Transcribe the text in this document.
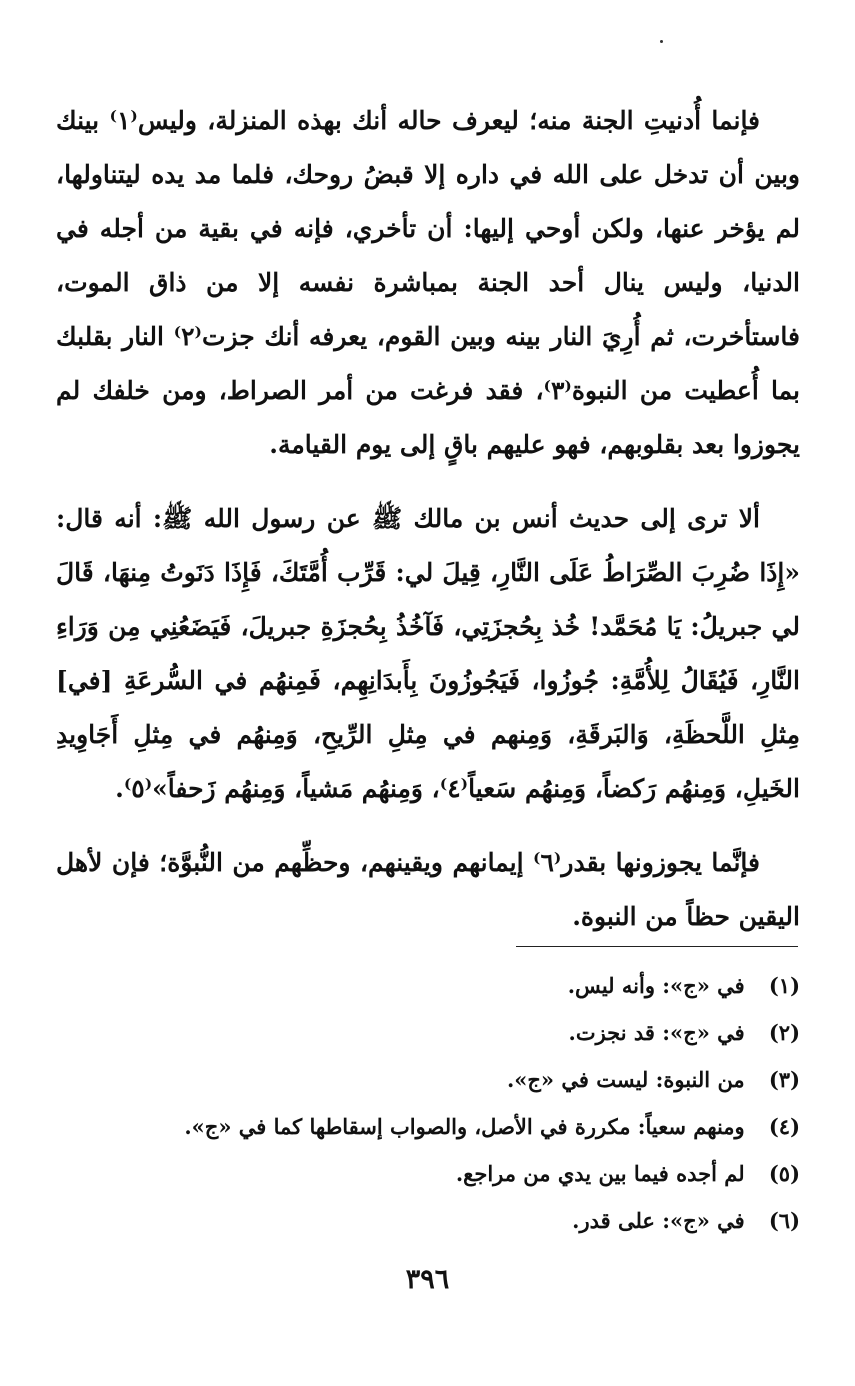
فإنما أُدنيتِ الجنة منه؛ ليعرف حاله أنك بهذه المنزلة، وليس⁽١⁾ بينك وبين أن تدخل على الله في داره إلا قبضُ روحك، فلما مد يده ليتناولها، لم يؤخر عنها، ولكن أوحي إليها: أن تأخري، فإنه في بقية من أجله في الدنيا، وليس ينال أحد الجنة بمباشرة نفسه إلا من ذاق الموت، فاستأخرت، ثم أُرِيَ النار بينه وبين القوم، يعرفه أنك جزت⁽٢⁾ النار بقلبك بما أُعطيت من النبوة⁽٣⁾، فقد فرغت من أمر الصراط، ومن خلفك لم يجوزوا بعد بقلوبهم، فهو عليهم باقٍ إلى يوم القيامة.

ألا ترى إلى حديث أنس بن مالك ﷺ عن رسول الله ﷺ: أنه قال: «إِذَا ضُرِبَ الصِّرَاطُ عَلَى النَّارِ، قِيلَ لي: قَرِّب أُمَّتَكَ، فَإِذَا دَنَوتُ مِنهَا، قَالَ لي جبريلُ: يَا مُحَمَّد! خُذ بِحُجزَتِي، فَآخُذُ بِحُجزَةِ جبريلَ، فَيَضَعُنِي مِن وَرَاءِ النَّارِ، فَيُقَالُ لِلأُمَّةِ: جُوزُوا، فَيَجُوزُونَ بِأَبدَانِهِم، فَمِنهُم في السُّرعَةِ [في] مِثلِ اللَّحظَةِ، وَالبَرقَةِ، وَمِنهم في مِثلِ الرِّيحِ، وَمِنهُم في مِثلِ أَجَاوِيدِ الخَيلِ، وَمِنهُم رَكضاً، وَمِنهُم سَعياً⁽٤⁾، وَمِنهُم مَشياً، وَمِنهُم زَحفاً»⁽٥⁾.

فإنَّما يجوزونها بقدر⁽٦⁾ إيمانهم ويقينهم، وحظِّهم من النُّبوَّة؛ فإن لأهل اليقين حظاً من النبوة.

(١) في «ج»: وأنه ليس.
(٢) في «ج»: قد نجزت.
(٣) من النبوة: ليست في «ج».
(٤) ومنهم سعياً: مكررة في الأصل، والصواب إسقاطها كما في «ج».
(٥) لم أجده فيما بين يدي من مراجع.
(٦) في «ج»: على قدر.
٣٩٦
